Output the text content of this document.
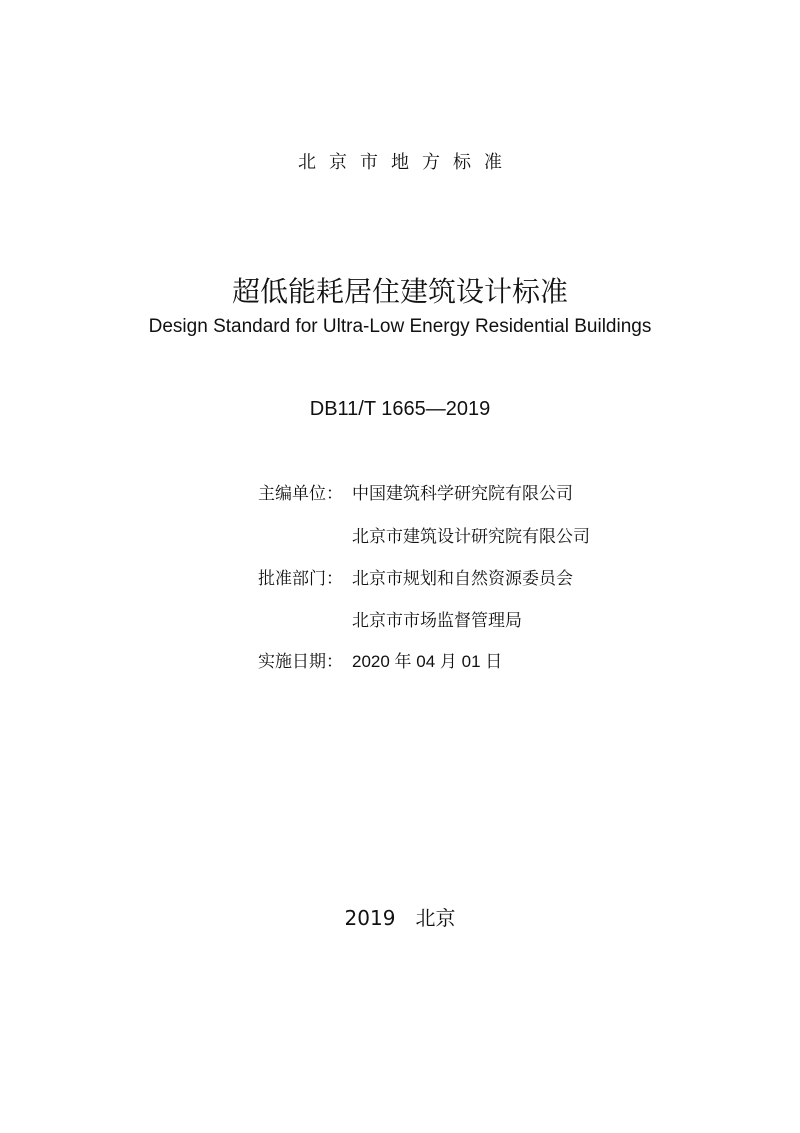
北京市地方标准
超低能耗居住建筑设计标准
Design Standard for Ultra-Low Energy Residential Buildings
DB11/T 1665—2019
主编单位： 中国建筑科学研究院有限公司
北京市建筑设计研究院有限公司
批准部门： 北京市规划和自然资源委员会
北京市市场监督管理局
实施日期： 2020 年 04 月 01 日
2019　北京
